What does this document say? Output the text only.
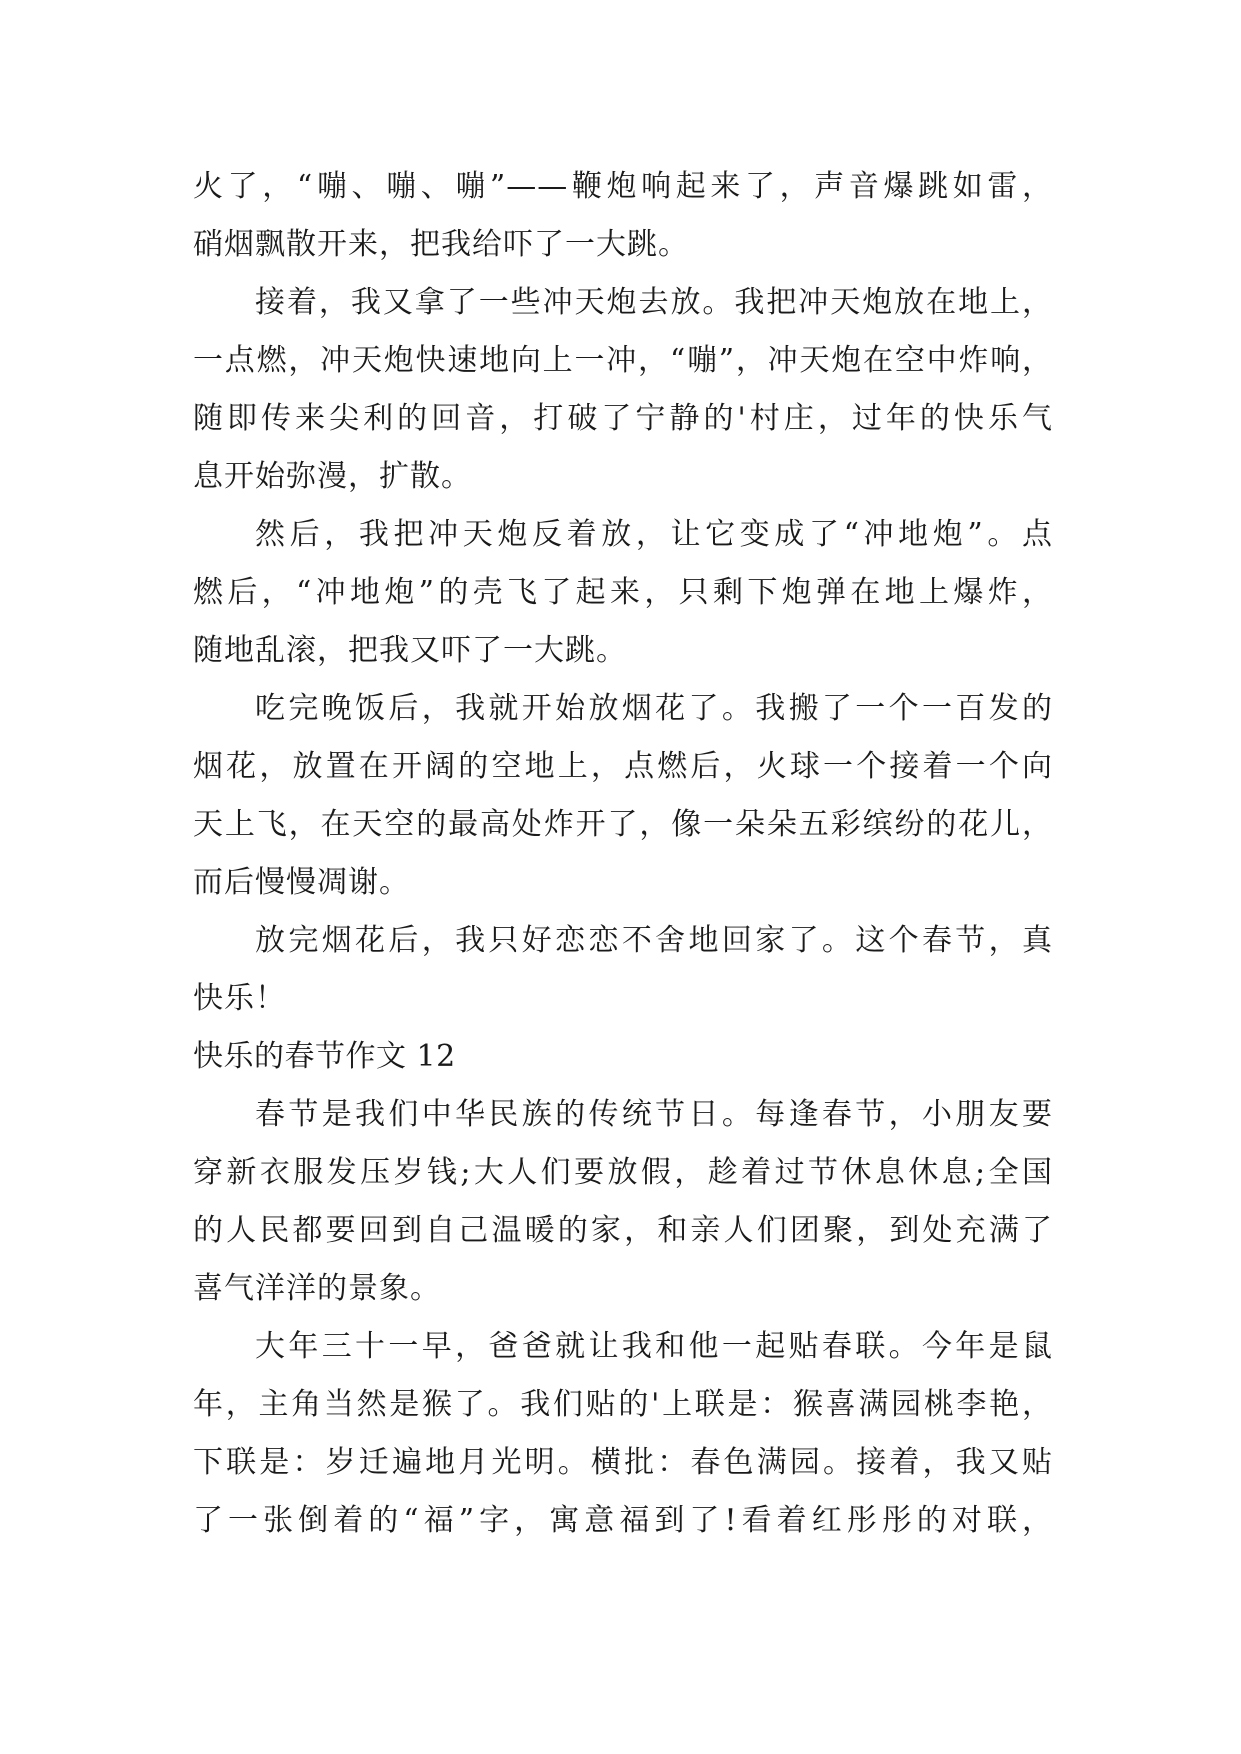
火了，“嘣、嘣、嘣”——鞭炮响起来了，声音爆跳如雷，
硝烟飘散开来，把我给吓了一大跳。
接着，我又拿了一些冲天炮去放。我把冲天炮放在地上，
一点燃，冲天炮快速地向上一冲，“嘣”，冲天炮在空中炸响，
随即传来尖利的回音，打破了宁静的'村庄，过年的快乐气
息开始弥漫，扩散。
然后，我把冲天炮反着放，让它变成了“冲地炮”。点
燃后，“冲地炮”的壳飞了起来，只剩下炮弹在地上爆炸，
随地乱滚，把我又吓了一大跳。
吃完晚饭后，我就开始放烟花了。我搬了一个一百发的
烟花，放置在开阔的空地上，点燃后，火球一个接着一个向
天上飞，在天空的最高处炸开了，像一朵朵五彩缤纷的花儿，
而后慢慢凋谢。
放完烟花后，我只好恋恋不舍地回家了。这个春节，真
快乐！
快乐的春节作文 12
春节是我们中华民族的传统节日。每逢春节，小朋友要
穿新衣服发压岁钱;大人们要放假，趁着过节休息休息;全国
的人民都要回到自己温暖的家，和亲人们团聚，到处充满了
喜气洋洋的景象。
大年三十一早，爸爸就让我和他一起贴春联。今年是鼠
年，主角当然是猴了。我们贴的'上联是：猴喜满园桃李艳，
下联是：岁迁遍地月光明。横批：春色满园。接着，我又贴
了一张倒着的“福”字，寓意福到了!看着红彤彤的对联，
